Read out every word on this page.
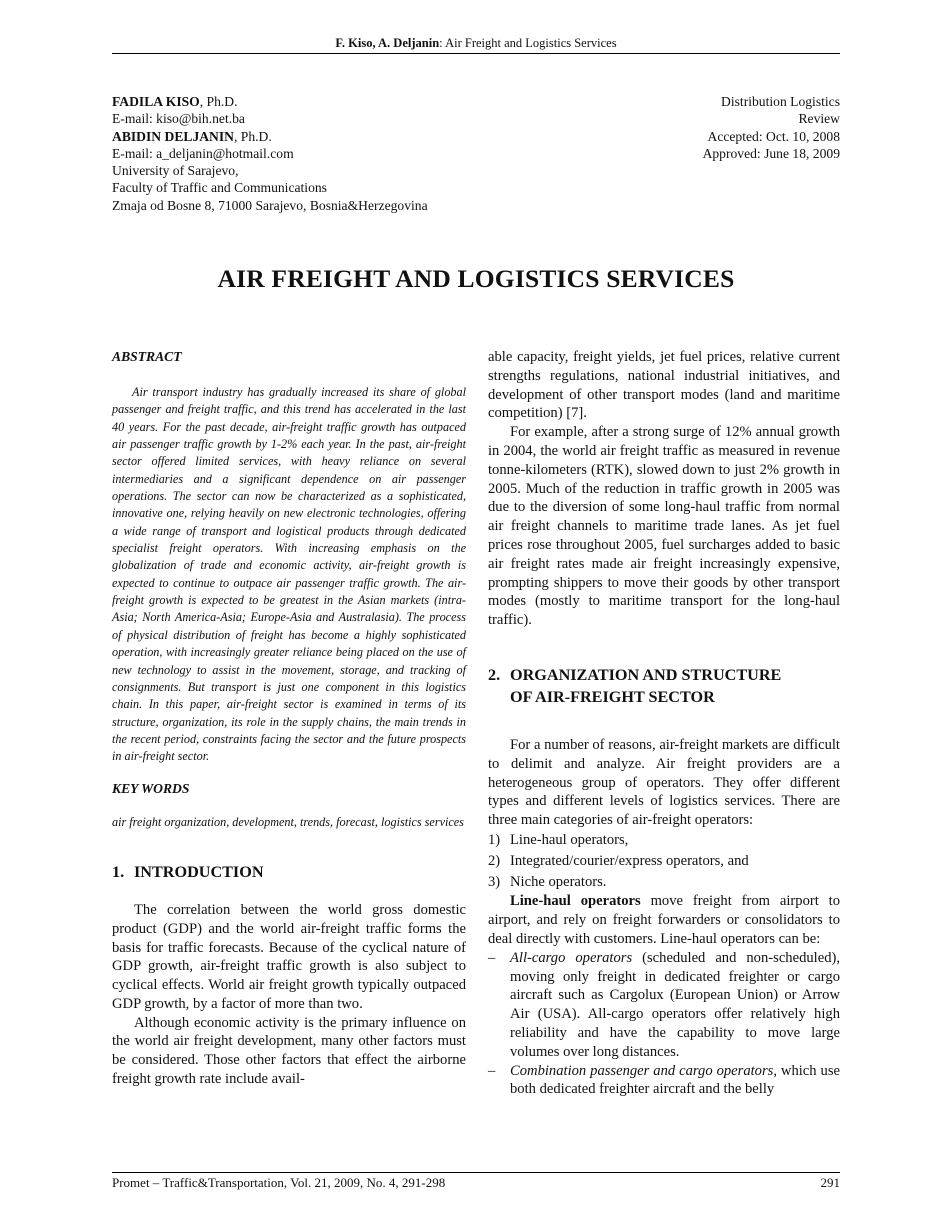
F. Kiso, A. Deljanin: Air Freight and Logistics Services
FADILA KISO, Ph.D.
E-mail: kiso@bih.net.ba
ABIDIN DELJANIN, Ph.D.
E-mail: a_deljanin@hotmail.com
University of Sarajevo,
Faculty of Traffic and Communications
Zmaja od Bosne 8, 71000 Sarajevo, Bosnia&Herzegovina
Distribution Logistics
Review
Accepted: Oct. 10, 2008
Approved: June 18, 2009
AIR FREIGHT AND LOGISTICS SERVICES
ABSTRACT

Air transport industry has gradually increased its share of global passenger and freight traffic, and this trend has accelerated in the last 40 years. For the past decade, air-freight traffic growth has outpaced air passenger traffic growth by 1-2% each year. In the past, air-freight sector offered limited services, with heavy reliance on several intermediaries and a significant dependence on air passenger operations. The sector can now be characterized as a sophisticated, innovative one, relying heavily on new electronic technologies, offering a wide range of transport and logistical products through dedicated specialist freight operators. With increasing emphasis on the globalization of trade and economic activity, air-freight growth is expected to continue to outpace air passenger traffic growth. The air-freight growth is expected to be greatest in the Asian markets (intra-Asia; North America-Asia; Europe-Asia and Australasia). The process of physical distribution of freight has become a highly sophisticated operation, with increasingly greater reliance being placed on the use of new technology to assist in the movement, storage, and tracking of consignments. But transport is just one component in this logistics chain. In this paper, air-freight sector is examined in terms of its structure, organization, its role in the supply chains, the main trends in the recent period, constraints facing the sector and the future prospects in air-freight sector.

KEY WORDS

air freight organization, development, trends, forecast, logistics services

1. INTRODUCTION

The correlation between the world gross domestic product (GDP) and the world air-freight traffic forms the basis for traffic forecasts. Because of the cyclical nature of GDP growth, air-freight traffic growth is also subject to cyclical effects. World air freight growth typically outpaced GDP growth, by a factor of more than two.

Although economic activity is the primary influence on the world air freight development, many other factors must be considered. Those other factors that effect the airborne freight growth rate include avail-

able capacity, freight yields, jet fuel prices, relative current strengths regulations, national industrial initiatives, and development of other transport modes (land and maritime competition) [7].

For example, after a strong surge of 12% annual growth in 2004, the world air freight traffic as measured in revenue tonne-kilometers (RTK), slowed down to just 2% growth in 2005. Much of the reduction in traffic growth in 2005 was due to the diversion of some long-haul traffic from normal air freight channels to maritime trade lanes. As jet fuel prices rose throughout 2005, fuel surcharges added to basic air freight rates made air freight increasingly expensive, prompting shippers to move their goods by other transport modes (mostly to maritime transport for the long-haul traffic).

2. ORGANIZATION AND STRUCTURE
OF AIR-FREIGHT SECTOR

For a number of reasons, air-freight markets are difficult to delimit and analyze. Air freight providers are a heterogeneous group of operators. They offer different types and different levels of logistics services. There are three main categories of air-freight operators:

1) Line-haul operators,
2) Integrated/courier/express operators, and
3) Niche operators.

Line-haul operators move freight from airport to airport, and rely on freight forwarders or consolidators to deal directly with customers. Line-haul operators can be:

– All-cargo operators (scheduled and non-scheduled), moving only freight in dedicated freighter or cargo aircraft such as Cargolux (European Union) or Arrow Air (USA). All-cargo operators offer relatively high reliability and have the capability to move large volumes over long distances.
– Combination passenger and cargo operators, which use both dedicated freighter aircraft and the belly
Promet – Traffic&Transportation, Vol. 21, 2009, No. 4, 291-298	291
